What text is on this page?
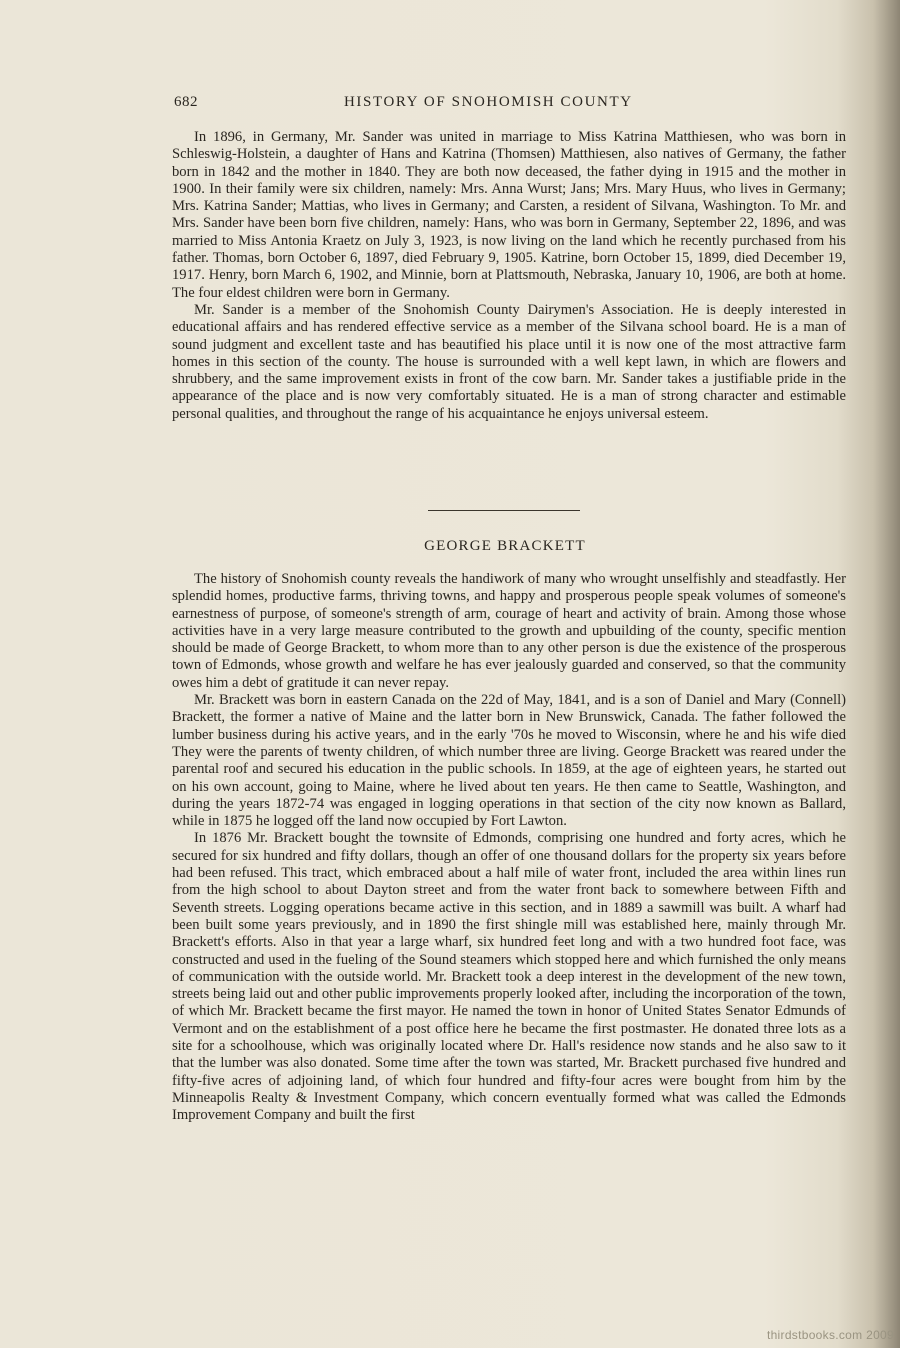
682	HISTORY OF SNOHOMISH COUNTY

In 1896, in Germany, Mr. Sander was united in marriage to Miss Katrina Matthiesen, who was born in Schleswig-Holstein, a daughter of Hans and Katrina (Thomsen) Matthiesen, also natives of Germany, the father born in 1842 and the mother in 1840. They are both now deceased, the father dying in 1915 and the mother in 1900. In their family were six children, namely: Mrs. Anna Wurst; Jans; Mrs. Mary Huus, who lives in Germany; Mrs. Katrina Sander; Mattias, who lives in Germany; and Carsten, a resident of Silvana, Washington. To Mr. and Mrs. Sander have been born five children, namely: Hans, who was born in Germany, September 22, 1896, and was married to Miss Antonia Kraetz on July 3, 1923, is now living on the land which he recently purchased from his father. Thomas, born October 6, 1897, died February 9, 1905. Katrine, born October 15, 1899, died December 19, 1917. Henry, born March 6, 1902, and Minnie, born at Plattsmouth, Nebraska, January 10, 1906, are both at home. The four eldest children were born in Germany.

Mr. Sander is a member of the Snohomish County Dairymen's Association. He is deeply interested in educational affairs and has rendered effective service as a member of the Silvana school board. He is a man of sound judgment and excellent taste and has beautified his place until it is now one of the most attractive farm homes in this section of the county. The house is surrounded with a well kept lawn, in which are flowers and shrubbery, and the same improvement exists in front of the cow barn. Mr. Sander takes a justifiable pride in the appearance of the place and is now very comfortably situated. He is a man of strong character and estimable personal qualities, and throughout the range of his acquaintance he enjoys universal esteem.

GEORGE BRACKETT

The history of Snohomish county reveals the handiwork of many who wrought unselfishly and steadfastly. Her splendid homes, productive farms, thriving towns, and happy and prosperous people speak volumes of someone's earnestness of purpose, of someone's strength of arm, courage of heart and activity of brain. Among those whose activities have in a very large measure contributed to the growth and upbuilding of the county, specific mention should be made of George Brackett, to whom more than to any other person is due the existence of the prosperous town of Edmonds, whose growth and welfare he has ever jealously guarded and conserved, so that the community owes him a debt of gratitude it can never repay.

Mr. Brackett was born in eastern Canada on the 22d of May, 1841, and is a son of Daniel and Mary (Connell) Brackett, the former a native of Maine and the latter born in New Brunswick, Canada. The father followed the lumber business during his active years, and in the early '70s he moved to Wisconsin, where he and his wife died They were the parents of twenty children, of which number three are living. George Brackett was reared under the parental roof and secured his education in the public schools. In 1859, at the age of eighteen years, he started out on his own account, going to Maine, where he lived about ten years. He then came to Seattle, Washington, and during the years 1872-74 was engaged in logging operations in that section of the city now known as Ballard, while in 1875 he logged off the land now occupied by Fort Lawton.

In 1876 Mr. Brackett bought the townsite of Edmonds, comprising one hundred and forty acres, which he secured for six hundred and fifty dollars, though an offer of one thousand dollars for the property six years before had been refused. This tract, which embraced about a half mile of water front, included the area within lines run from the high school to about Dayton street and from the water front back to somewhere between Fifth and Seventh streets. Logging operations became active in this section, and in 1889 a sawmill was built. A wharf had been built some years previously, and in 1890 the first shingle mill was established here, mainly through Mr. Brackett's efforts. Also in that year a large wharf, six hundred feet long and with a two hundred foot face, was constructed and used in the fueling of the Sound steamers which stopped here and which furnished the only means of communication with the outside world. Mr. Brackett took a deep interest in the development of the new town, streets being laid out and other public improvements properly looked after, including the incorporation of the town, of which Mr. Brackett became the first mayor. He named the town in honor of United States Senator Edmunds of Vermont and on the establishment of a post office here he became the first postmaster. He donated three lots as a site for a schoolhouse, which was originally located where Dr. Hall's residence now stands and he also saw to it that the lumber was also donated. Some time after the town was started, Mr. Brackett purchased five hundred and fifty-five acres of adjoining land, of which four hundred and fifty-four acres were bought from him by the Minneapolis Realty & Investment Company, which concern eventually formed what was called the Edmonds Improvement Company and built the first

thirdstbooks.com 2009
